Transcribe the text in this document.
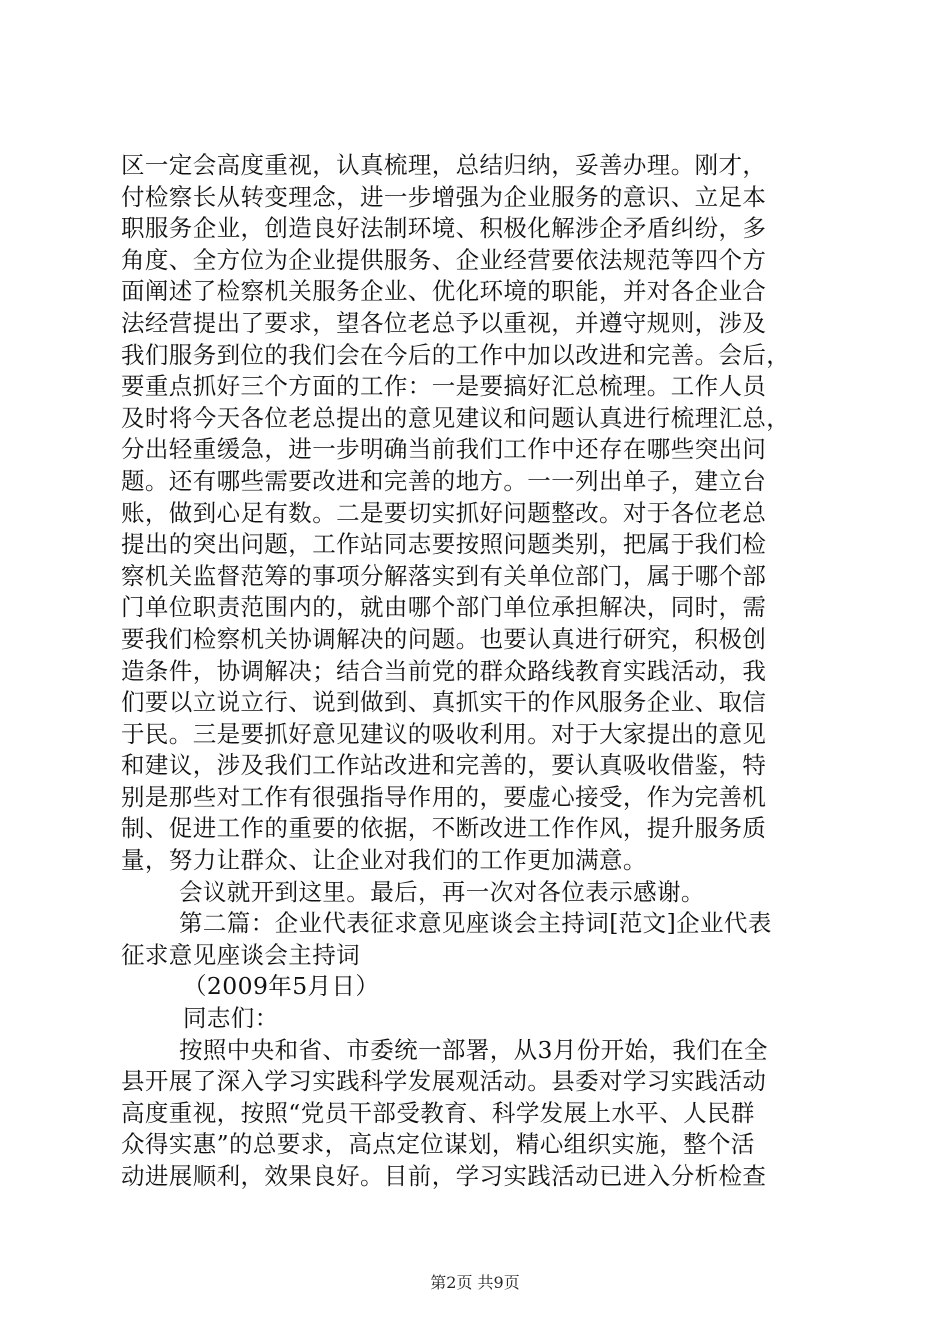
区一定会高度重视，认真梳理，总结归纳，妥善办理。刚才，
付检察长从转变理念，进一步增强为企业服务的意识、立足本
职服务企业，创造良好法制环境、积极化解涉企矛盾纠纷，多
角度、全方位为企业提供服务、企业经营要依法规范等四个方
面阐述了检察机关服务企业、优化环境的职能，并对各企业合
法经营提出了要求，望各位老总予以重视，并遵守规则，涉及
我们服务到位的我们会在今后的工作中加以改进和完善。会后，
要重点抓好三个方面的工作：一是要搞好汇总梳理。工作人员
及时将今天各位老总提出的意见建议和问题认真进行梳理汇总，
分出轻重缓急，进一步明确当前我们工作中还存在哪些突出问
题。还有哪些需要改进和完善的地方。一一列出单子，建立台
账，做到心足有数。二是要切实抓好问题整改。对于各位老总
提出的突出问题，工作站同志要按照问题类别，把属于我们检
察机关监督范筹的事项分解落实到有关单位部门，属于哪个部
门单位职责范围内的，就由哪个部门单位承担解决，同时，需
要我们检察机关协调解决的问题。也要认真进行研究，积极创
造条件，协调解决；结合当前党的群众路线教育实践活动，我
们要以立说立行、说到做到、真抓实干的作风服务企业、取信
于民。三是要抓好意见建议的吸收利用。对于大家提出的意见
和建议，涉及我们工作站改进和完善的，要认真吸收借鉴，特
别是那些对工作有很强指导作用的，要虚心接受，作为完善机
制、促进工作的重要的依据，不断改进工作作风，提升服务质
量，努力让群众、让企业对我们的工作更加满意。
会议就开到这里。最后，再一次对各位表示感谢。
第二篇：企业代表征求意见座谈会主持词[范文]企业代表
征求意见座谈会主持词
（2009年5月日）
同志们：
按照中央和省、市委统一部署，从3月份开始，我们在全
县开展了深入学习实践科学发展观活动。县委对学习实践活动
高度重视，按照“党员干部受教育、科学发展上水平、人民群
众得实惠”的总要求，高点定位谋划，精心组织实施，整个活
动进展顺利，效果良好。目前，学习实践活动已进入分析检查
第2页 共9页
